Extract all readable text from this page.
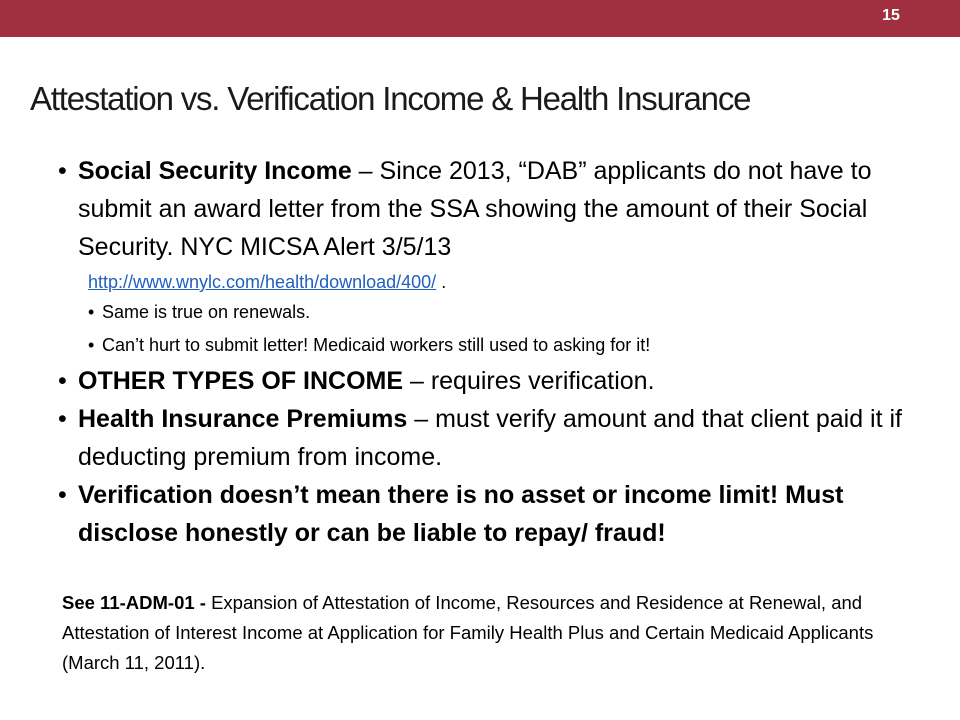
15
Attestation vs. Verification Income & Health Insurance
• Social Security Income – Since 2013, “DAB” applicants do not have to submit an award letter from the SSA showing the amount of their Social Security. NYC MICSA Alert 3/5/13
http://www.wnylc.com/health/download/400/ .
• Same is true on renewals.
• Can’t hurt to submit letter! Medicaid workers still used to asking for it!
• OTHER TYPES OF INCOME – requires verification.
• Health Insurance Premiums – must verify amount and that client paid it if deducting premium from income.
• Verification doesn’t mean there is no asset or income limit! Must disclose honestly or can be liable to repay/ fraud!
See 11-ADM-01 - Expansion of Attestation of Income, Resources and Residence at Renewal, and Attestation of Interest Income at Application for Family Health Plus and Certain Medicaid Applicants (March 11, 2011).
